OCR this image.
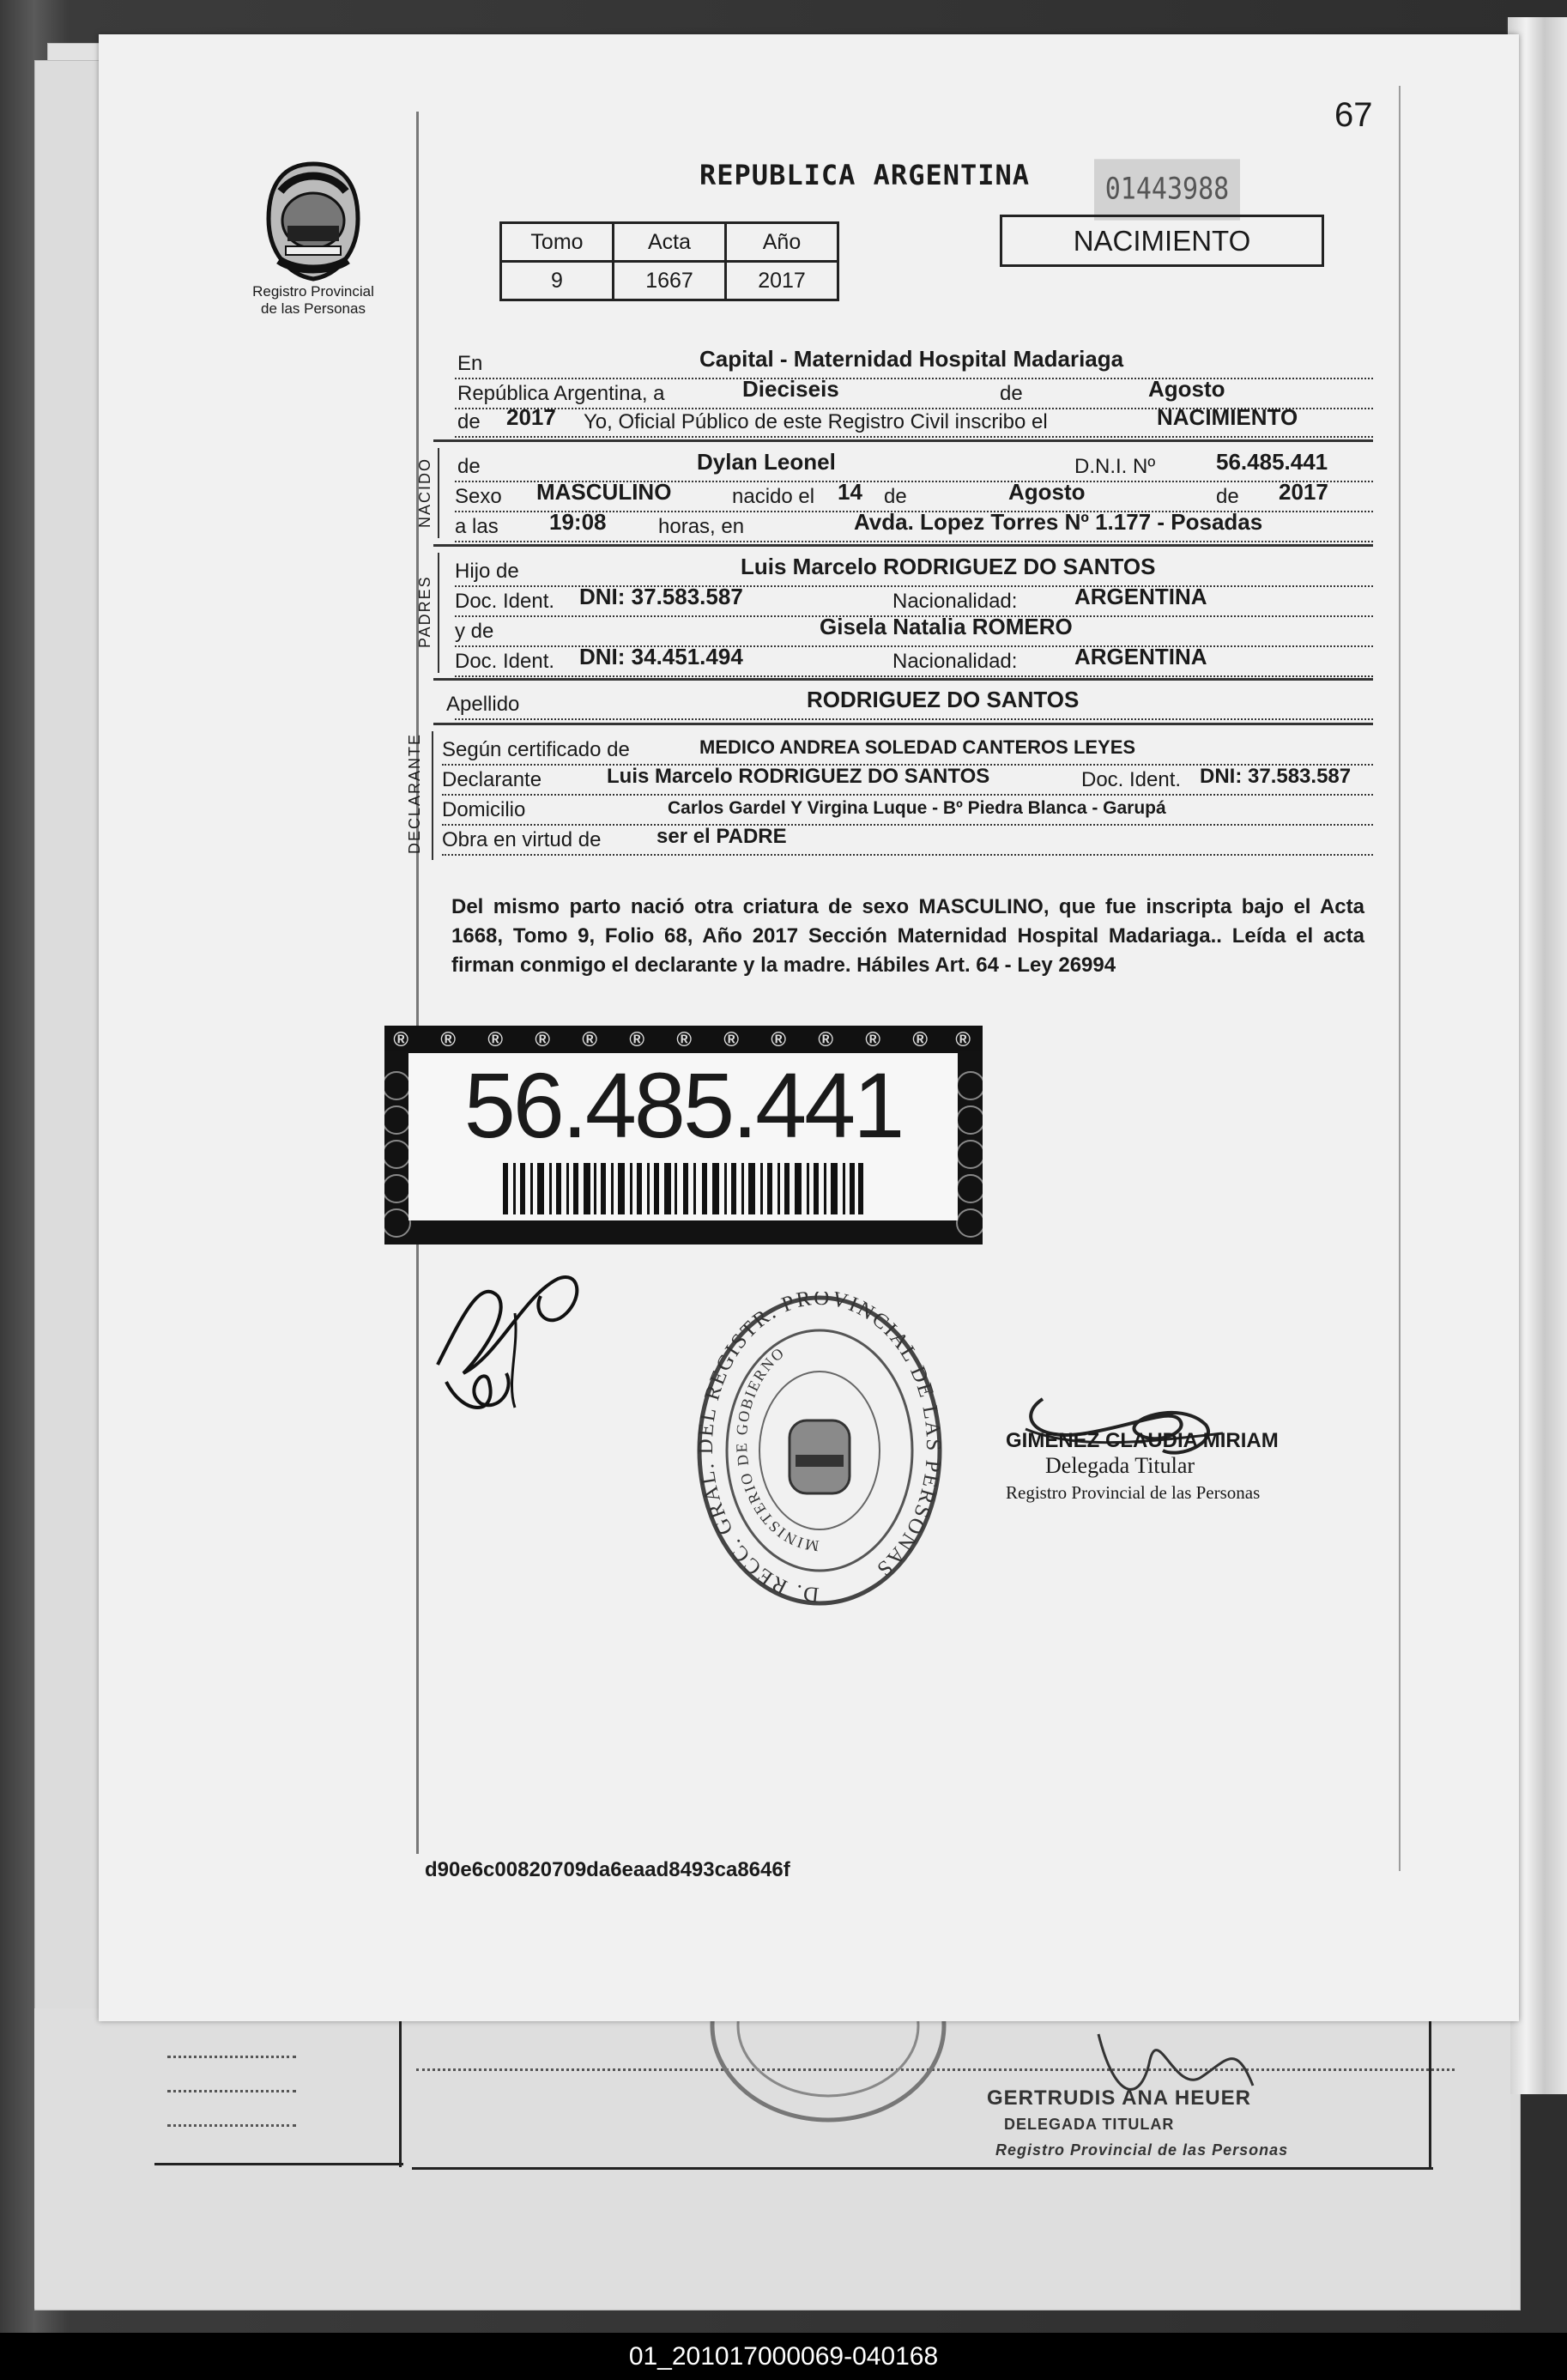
GERTRUDIS ANA HEUER
DELEGADA TITULAR
Registro Provincial de las Personas
67
Registro Provincial
de las Personas
REPUBLICA ARGENTINA	01443988
Tomo	Acta	Año
9	1667	2017
NACIMIENTO
En	Capital - Maternidad Hospital Madariaga
República Argentina, a	Dieciseis	de	Agosto
de 2017 Yo, Oficial Público de este Registro Civil inscribo el	NACIMIENTO
NACIDO de	Dylan Leonel	D.N.I. Nº	56.485.441
Sexo MASCULINO	nacido el 14 de	Agosto	de 2017
a las 19:08	horas, en	Avda. Lopez Torres Nº 1.177 - Posadas
PADRES
Hijo de	Luis Marcelo RODRIGUEZ DO SANTOS
Doc. Ident. DNI: 37.583.587	Nacionalidad:	ARGENTINA
y de	Gisela Natalia ROMERO
Doc. Ident. DNI: 34.451.494	Nacionalidad:	ARGENTINA
Apellido	RODRIGUEZ DO SANTOS
DECLARANTE Según certificado de	MEDICO ANDREA SOLEDAD CANTEROS LEYES
Declarante	Luis Marcelo RODRIGUEZ DO SANTOS	Doc. Ident. DNI: 37.583.587
Domicilio	Carlos Gardel Y Virgina Luque - Bº Piedra Blanca - Garupá
Obra en virtud de	ser el PADRE
Del mismo parto nació otra criatura de sexo MASCULINO, que fue inscripta bajo el Acta 1668, Tomo 9, Folio 68, Año 2017 Sección Maternidad Hospital Madariaga.. Leída el acta firman conmigo el declarante y la madre. Hábiles Art. 64 - Ley 26994
® ® ® ® ® ® ® ® ® ® ® ® ®
56.485.441
D. RECC. GRAL. DEL REGISTR. PROVINCIAL DE LAS PERSONAS
MINISTERIO DE GOBIERNO
GIMENEZ CLAUDIA MIRIAM
Delegada Titular
Registro Provincial de las Personas
d90e6c00820709da6eaad8493ca8646f
01_201017000069-040168
